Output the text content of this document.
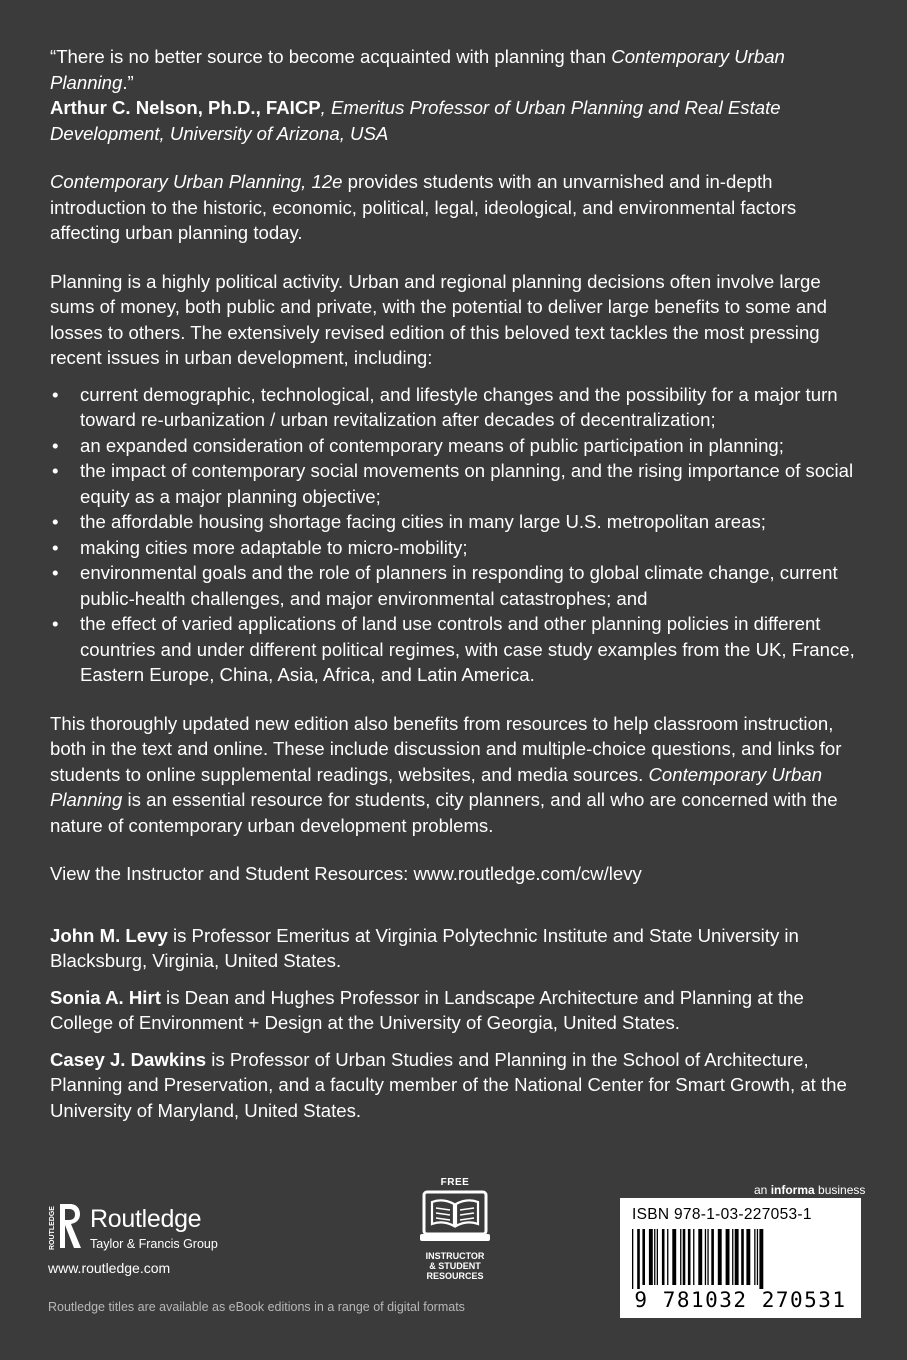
“There is no better source to become acquainted with planning than Contemporary Urban Planning.”

Arthur C. Nelson, Ph.D., FAICP, Emeritus Professor of Urban Planning and Real Estate Development, University of Arizona, USA

Contemporary Urban Planning, 12e provides students with an unvarnished and in-depth introduction to the historic, economic, political, legal, ideological, and environmental factors affecting urban planning today.

Planning is a highly political activity. Urban and regional planning decisions often involve large sums of money, both public and private, with the potential to deliver large benefits to some and losses to others. The extensively revised edition of this beloved text tackles the most pressing recent issues in urban development, including:

• current demographic, technological, and lifestyle changes and the possibility for a major turn toward re-urbanization / urban revitalization after decades of decentralization;
• an expanded consideration of contemporary means of public participation in planning;
• the impact of contemporary social movements on planning, and the rising importance of social equity as a major planning objective;
• the affordable housing shortage facing cities in many large U.S. metropolitan areas;
• making cities more adaptable to micro-mobility;
• environmental goals and the role of planners in responding to global climate change, current public-health challenges, and major environmental catastrophes; and
• the effect of varied applications of land use controls and other planning policies in different countries and under different political regimes, with case study examples from the UK, France, Eastern Europe, China, Asia, Africa, and Latin America.

This thoroughly updated new edition also benefits from resources to help classroom instruction, both in the text and online. These include discussion and multiple-choice questions, and links for students to online supplemental readings, websites, and media sources. Contemporary Urban Planning is an essential resource for students, city planners, and all who are concerned with the nature of contemporary urban development problems.

View the Instructor and Student Resources: www.routledge.com/cw/levy

John M. Levy is Professor Emeritus at Virginia Polytechnic Institute and State University in Blacksburg, Virginia, United States.

Sonia A. Hirt is Dean and Hughes Professor in Landscape Architecture and Planning at the College of Environment + Design at the University of Georgia, United States.

Casey J. Dawkins is Professor of Urban Studies and Planning in the School of Architecture, Planning and Preservation, and a faculty member of the National Center for Smart Growth, at the University of Maryland, United States.

ROUTLEDGE Routledge
Taylor & Francis Group
www.routledge.com
Routledge titles are available as eBook editions in a range of digital formats
FREE
INSTRUCTOR
& STUDENT
RESOURCES
an informa business
ISBN 978-1-03-227053-1
9 781032 270531
